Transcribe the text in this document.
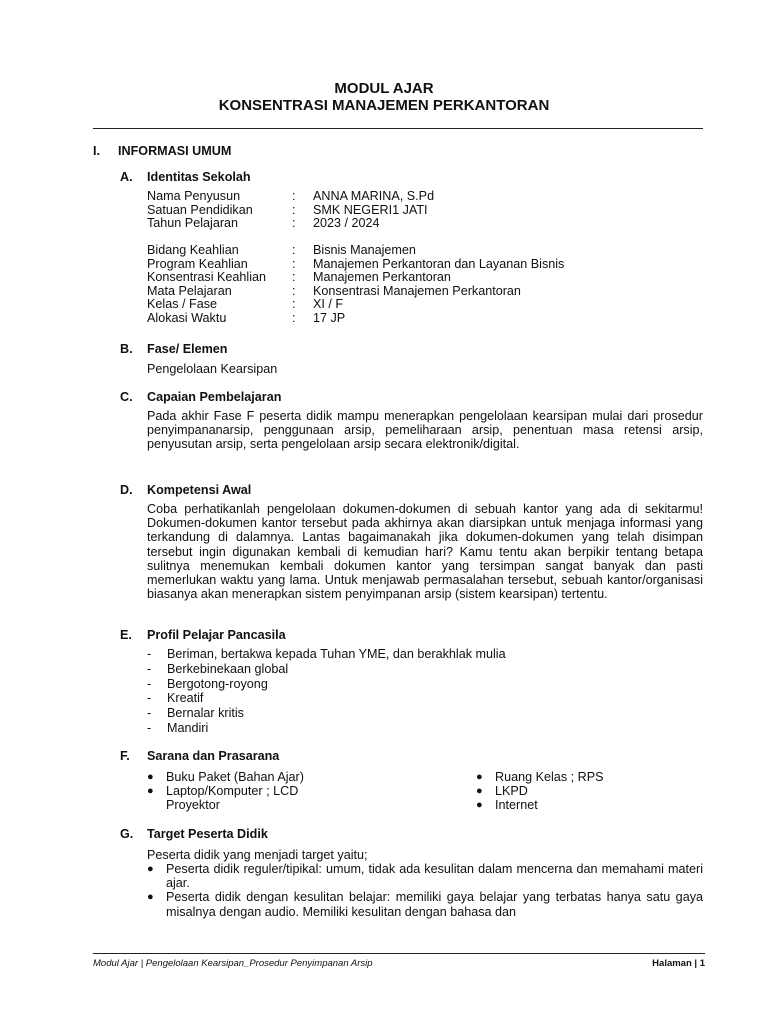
MODUL AJAR
KONSENTRASI MANAJEMEN PERKANTORAN
I. INFORMASI UMUM
A. Identitas Sekolah
Nama Penyusun	: ANNA MARINA, S.Pd
Satuan Pendidikan	: SMK NEGERI1 JATI
Tahun Pelajaran	: 2023 / 2024
Bidang Keahlian	: Bisnis Manajemen
Program Keahlian	: Manajemen Perkantoran dan Layanan Bisnis
Konsentrasi Keahlian : Manajemen Perkantoran
Mata Pelajaran	: Konsentrasi Manajemen Perkantoran
Kelas / Fase	: XI / F
Alokasi Waktu	: 17 JP
B. Fase/ Elemen
Pengelolaan Kearsipan
C. Capaian Pembelajaran
Pada akhir Fase F peserta didik mampu menerapkan pengelolaan kearsipan mulai dari prosedur penyimpananarsip, penggunaan arsip, pemeliharaan arsip, penentuan masa retensi arsip, penyusutan arsip, serta pengelolaan arsip secara elektronik/digital.
D. Kompetensi Awal
Coba perhatikanlah pengelolaan dokumen-dokumen di sebuah kantor yang ada di sekitarmu! Dokumen-dokumen kantor tersebut pada akhirnya akan diarsipkan untuk menjaga informasi yang terkandung di dalamnya. Lantas bagaimanakah jika dokumen-dokumen yang telah disimpan tersebut ingin digunakan kembali di kemudian hari? Kamu tentu akan berpikir tentang betapa sulitnya menemukan kembali dokumen kantor yang tersimpan sangat banyak dan pasti memerlukan waktu yang lama. Untuk menjawab permasalahan tersebut, sebuah kantor/organisasi biasanya akan menerapkan sistem penyimpanan arsip (sistem kearsipan) tertentu.
E. Profil Pelajar Pancasila
- Beriman, bertakwa kepada Tuhan YME, dan berakhlak mulia
- Berkebinekaan global
- Bergotong-royong
- Kreatif
- Bernalar kritis
- Mandiri
F. Sarana dan Prasarana
● Buku Paket (Bahan Ajar)
● Laptop/Komputer ; LCD Proyektor
● Ruang Kelas ; RPS
● LKPD
● Internet
G. Target Peserta Didik
Peserta didik yang menjadi target yaitu;
● Peserta didik reguler/tipikal: umum, tidak ada kesulitan dalam mencerna dan memahami materi ajar.
● Peserta didik dengan kesulitan belajar: memiliki gaya belajar yang terbatas hanya satu gaya misalnya dengan audio. Memiliki kesulitan dengan bahasa dan
Modul Ajar | Pengelolaan Kearsipan_Prosedur Penyimpanan Arsip	Halaman | 1
